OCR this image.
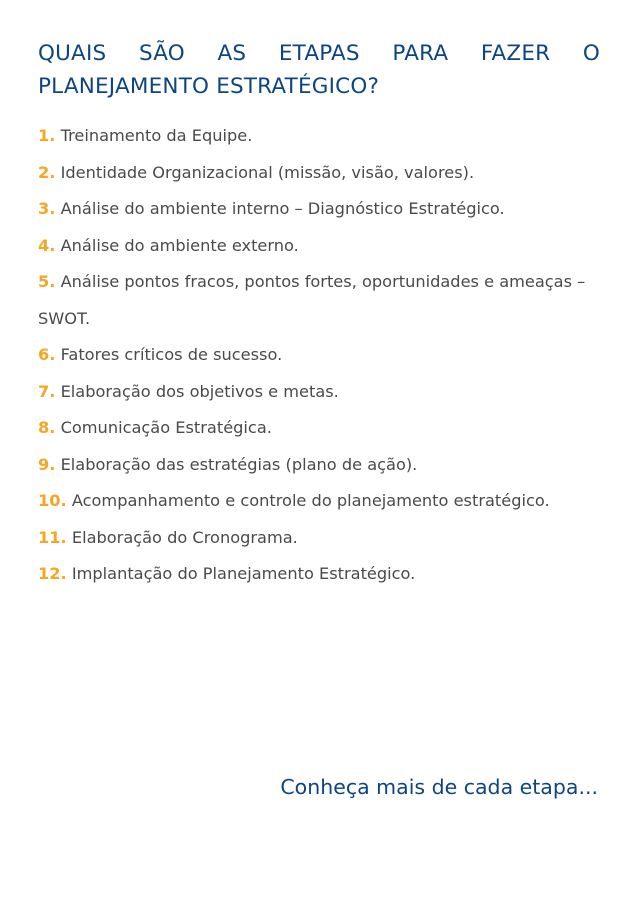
QUAIS SÃO AS ETAPAS PARA FAZER O
PLANEJAMENTO ESTRATÉGICO?
1. Treinamento da Equipe.
2. Identidade Organizacional (missão, visão, valores).
3. Análise do ambiente interno – Diagnóstico Estratégico.
4. Análise do ambiente externo.
5. Análise pontos fracos, pontos fortes, oportunidades e ameaças – SWOT.
6. Fatores críticos de sucesso.
7. Elaboração dos objetivos e metas.
8. Comunicação Estratégica.
9. Elaboração das estratégias (plano de ação).
10. Acompanhamento e controle do planejamento estratégico.
11. Elaboração do Cronograma.
12. Implantação do Planejamento Estratégico.
Conheça mais de cada etapa...
